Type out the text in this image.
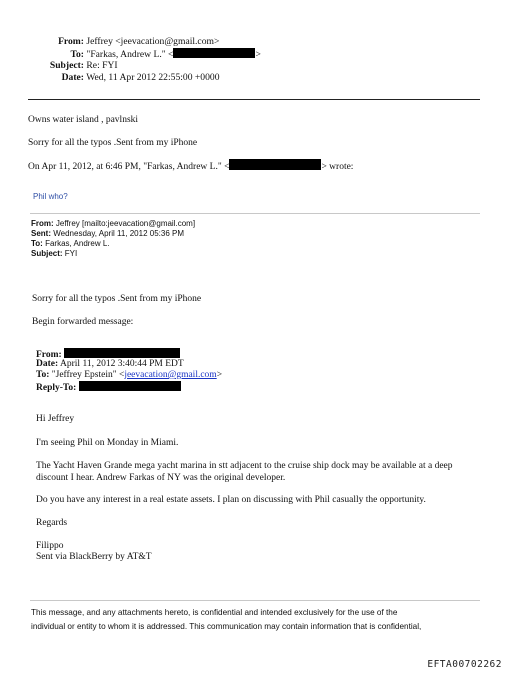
From: Jeffrey <jeevacation@gmail.com>
To: "Farkas, Andrew L." <	>
Subject: Re: FYI
Date: Wed, 11 Apr 2012 22:55:00 +0000
Owns water island , pavlnski
Sorry for all the typos .Sent from my iPhone
On Apr 11, 2012, at 6:46 PM, "Farkas, Andrew L." <	> wrote:
Phil who?
From: Jeffrey [mailto:jeevacation@gmail.com]
Sent: Wednesday, April 11, 2012 05:36 PM
To: Farkas, Andrew L.
Subject: FYI
Sorry for all the typos .Sent from my iPhone
Begin forwarded message:
From:
Date: April 11, 2012 3:40:44 PM EDT
To: "Jeffrey Epstein" <jeevacation@gmail.com>
Reply-To:
Hi Jeffrey
I'm seeing Phil on Monday in Miami.
The Yacht Haven Grande mega yacht marina in stt adjacent to the cruise ship dock may be available at a deep
discount I hear. Andrew Farkas of NY was the original developer.
Do you have any interest in a real estate assets. I plan on discussing with Phil casually the opportunity.
Regards
Filippo
Sent via BlackBerry by AT&T
This message, and any attachments hereto, is confidential and intended exclusively for the use of the
individual or entity to whom it is addressed. This communication may contain information that is confidential,
EFTA00702262
